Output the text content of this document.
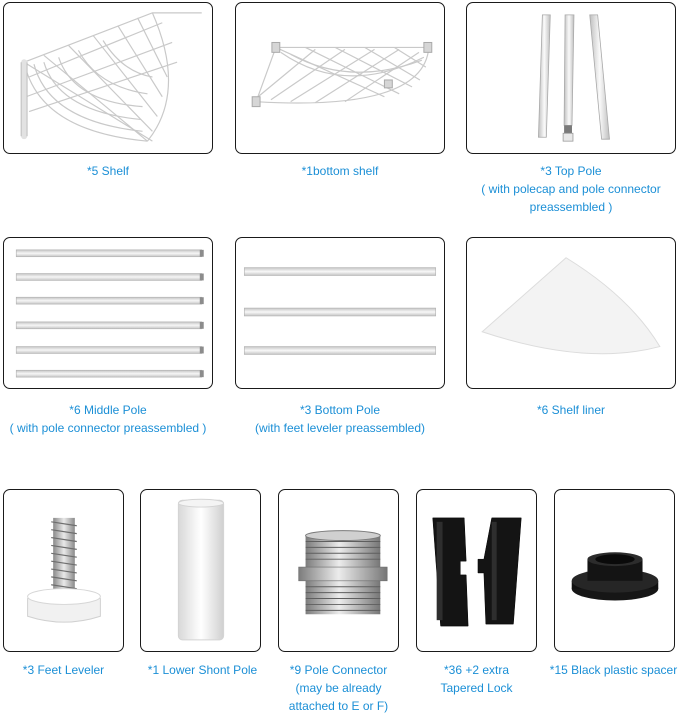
*5 Shelf	*1bottom shelf	*3 Top Pole
( with polecap and pole connector
preassembled )
*6 Middle Pole
( with pole connector preassembled )
*3 Bottom Pole
(with feet leveler preassembled)
*6 Shelf liner
*3 Feet Leveler	*1 Lower Shont Pole	*9 Pole Connector
(may be already
attached to E or F)
*36 +2 extra
Tapered Lock
*15 Black plastic spacer
